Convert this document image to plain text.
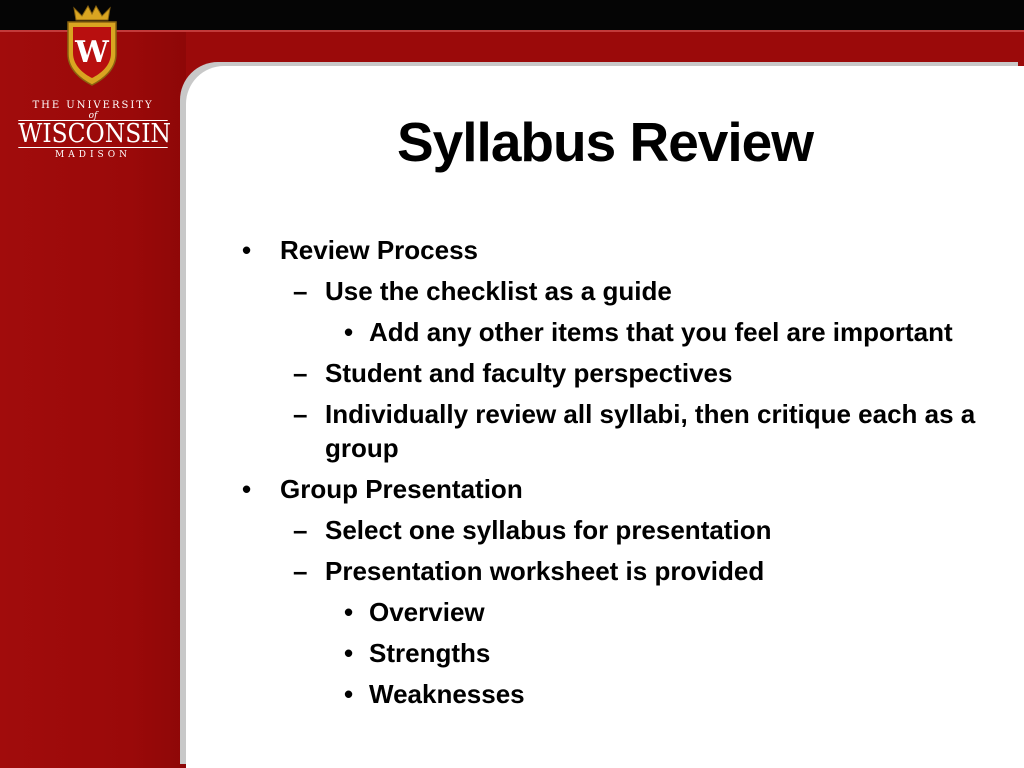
W
THE UNIVERSITY
of
WISCONSIN
MADISON	Syllabus Review
• Review Process
– Use the checklist as a guide
• Add any other items that you feel are important
– Student and faculty perspectives
– Individually review all syllabi, then critique each as a group
• Group Presentation
– Select one syllabus for presentation
– Presentation worksheet is provided
• Overview
• Strengths
• Weaknesses
